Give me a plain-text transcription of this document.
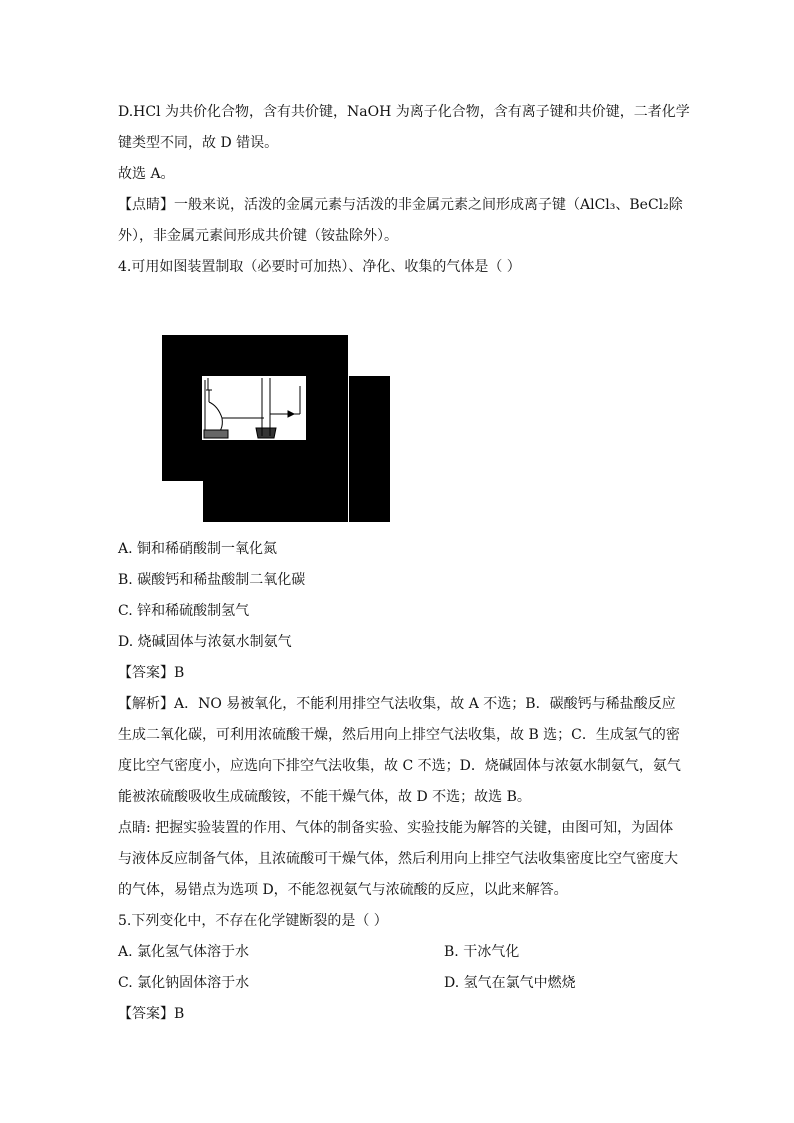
D.HCl 为共价化合物，含有共价键，NaOH 为离子化合物，含有离子键和共价键，二者化学
键类型不同，故 D 错误。
故选 A。
【点睛】一般来说，活泼的金属元素与活泼的非金属元素之间形成离子键（AlCl₃、BeCl₂除
外），非金属元素间形成共价键（铵盐除外）。
4.可用如图装置制取（必要时可加热）、净化、收集的气体是（ ）
A. 铜和稀硝酸制一氧化氮
B. 碳酸钙和稀盐酸制二氧化碳
C. 锌和稀硫酸制氢气
D. 烧碱固体与浓氨水制氨气
【答案】B
【解析】A．NO 易被氧化，不能利用排空气法收集，故 A 不选；B．碳酸钙与稀盐酸反应
生成二氧化碳，可利用浓硫酸干燥，然后用向上排空气法收集，故 B 选；C．生成氢气的密
度比空气密度小，应选向下排空气法收集，故 C 不选；D．烧碱固体与浓氨水制氨气，氨气
能被浓硫酸吸收生成硫酸铵，不能干燥气体，故 D 不选；故选 B。
点睛: 把握实验装置的作用、气体的制备实验、实验技能为解答的关键，由图可知，为固体
与液体反应制备气体，且浓硫酸可干燥气体，然后利用向上排空气法收集密度比空气密度大
的气体，易错点为选项 D，不能忽视氨气与浓硫酸的反应，以此来解答。
5.下列变化中，不存在化学键断裂的是（ ）
A. 氯化氢气体溶于水	B. 干冰气化
C. 氯化钠固体溶于水	D. 氢气在氯气中燃烧
【答案】B
